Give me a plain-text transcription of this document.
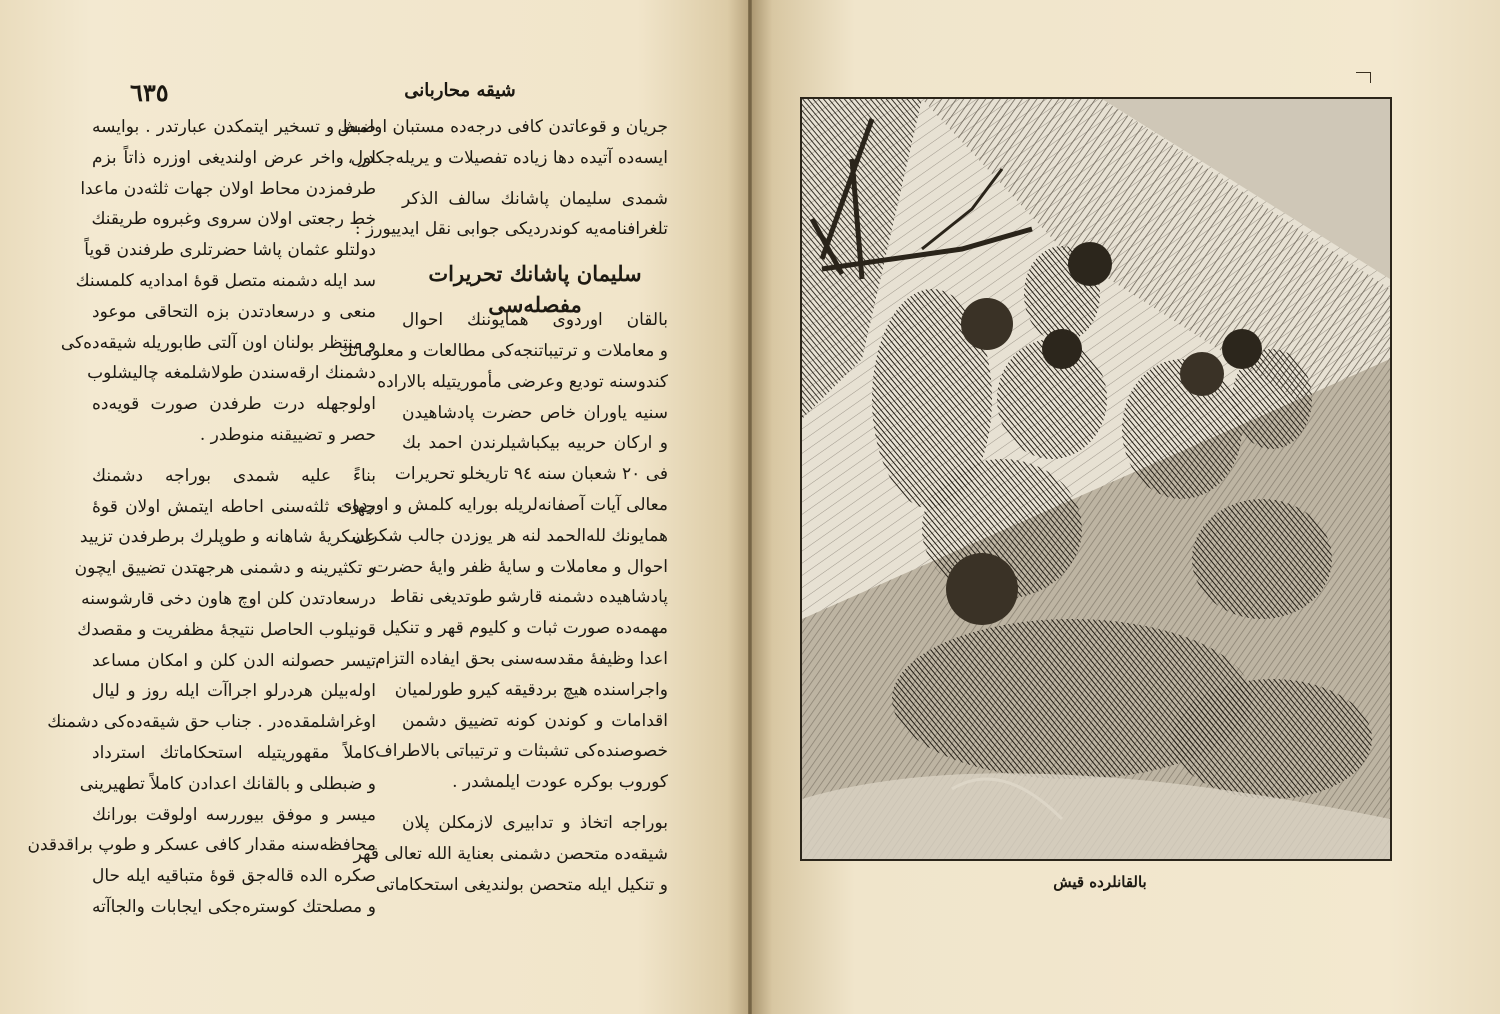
٦٣٥	شیقه محاربانی
جریان و قوعاتدن کافی درجه‌ده مستبان اولمش
ایسه‌ده آتیده دها زیاده تفصیلات و یریله‌جکدر ،
شمدی سلیمان پاشانك سالف الذکر
تلغرافنامه‌یه کوندردیکی جوابی نقل ایدییورز :
سلیمان پاشانك تحریرات مفصله‌سی
بالقان اوردوی همایوننك احوال
و معاملات و ترتیباتنجه‌کی مطالعات و معلوماتك
کندوسنه تودیع وعرضی مأموریتیله بالاراده
سنیه یاوران خاص حضرت پادشاهیدن
و ارکان حربیه بیکباشیلرندن احمد بك
فی ٢٠ شعبان سنه ٩٤ تاریخلو تحریرات
معالی آیات آصفانه‌لریله بورایه کلمش و اوردوی
همایونك لله‌الحمد لنه هر یوزدن جالب شکران
احوال و معاملات و سایهٔ ظفر وایهٔ حضرت
پادشاهیده دشمنه قارشو طوتدیغی نقاط
مهمه‌ده صورت ثبات و کلیوم قهر و تنکیل
اعدا وظیفهٔ مقدسه‌سنی بحق ایفاده التزام
واجراسنده هیچ بردقیقه کیرو طورلمیان
اقدامات و کوندن کونه تضییق دشمن
خصوصنده‌کی تشبثات و ترتیباتی بالاطراف
کوروب بوکره عودت ایلمشدر .
بوراجه اتخاذ و تدابیری لازمکلن پلان
شیقه‌ده متحصن دشمنی بعنایة الله تعالی قهر
و تنکیل ایله متحصن بولندیغی استحکاماتی
ضبط و تسخیر ایتمکدن عبارتدر . بوایسه
اول واخر عرض اولندیغی اوزره ذاتاً بزم
طرفمزدن محاط اولان جهات ثلثه‌دن ماعدا
خط رجعتی اولان سروی وغبروه طریقنك
دولتلو عثمان پاشا حضرتلری طرفندن قویاً
سد ایله دشمنه متصل قوهٔ امدادیه کلمسنك
منعی و درسعادتدن بزه التحاقی موعود
و منتظر بولنان اون آلتی طابوریله شیقه‌ده‌کی
دشمنك ارقه‌سندن طولاشلمغه چالیشلوب
اولوجهله درت طرفدن صورت قویه‌ده
حصر و تضییقنه منوطدر .
بناءً علیه شمدی بوراجه دشمنك
جهات ثلثه‌سنی احاطه ایتمش اولان قوهٔ
عسکریهٔ شاهانه و طوپلرك برطرفدن تزیید
و تکثیرینه و دشمنی هرجهتدن تضییق ایچون
درسعادتدن کلن اوچ هاون دخی قارشوسنه
قونیلوب الحاصل نتیجهٔ مظفریت و مقصدك
تیسر حصولنه الدن کلن و امکان مساعد
اوله‌بیلن هردرلو اجراآت ایله روز و لیال
اوغراشلمقده‌در . جناب حق شیقه‌ده‌کی دشمنك
کاملاً مقهوریتیله استحکاماتك استرداد
و ضبطلی و بالقانك اعدادن کاملاً تطهیرینی
میسر و موفق بیوررسه اولوقت بورانك
محافظه‌سنه مقدار کافی عسکر و طوپ براقدقدن
صکره الده قاله‌جق قوهٔ متباقیه ایله حال
و مصلحتك کوستره‌جکی ایجابات والجاآته
بالقانلرده قیش
